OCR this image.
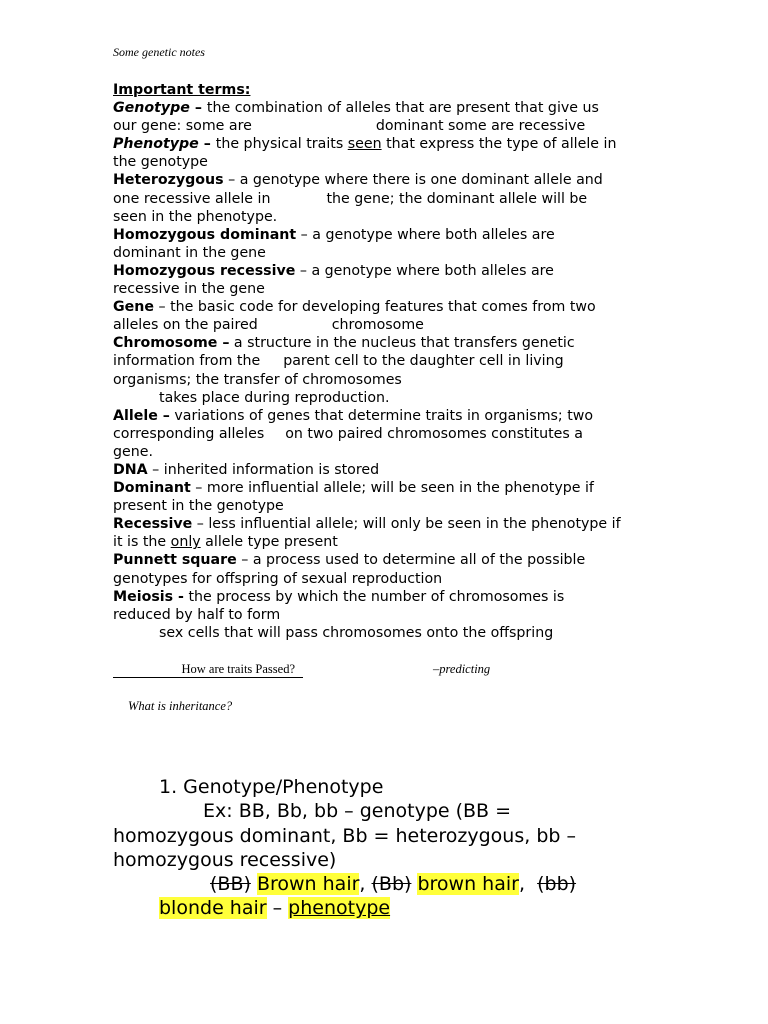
Some genetic notes
Important terms:
Genotype – the combination of alleles that are present that give us
our gene: some are	dominant some are recessive
Phenotype – the physical traits seen that express the type of allele in
the genotype
Heterozygous – a genotype where there is one dominant allele and
one recessive allele in	the gene; the dominant allele will be
seen in the phenotype.
Homozygous dominant – a genotype where both alleles are
dominant in the gene
Homozygous recessive – a genotype where both alleles are
recessive in the gene
Gene – the basic code for developing features that comes from two
alleles on the paired	chromosome
Chromosome – a structure in the nucleus that transfers genetic
information from the parent cell to the daughter cell in living
organisms; the transfer of chromosomes
takes place during reproduction.
Allele – variations of genes that determine traits in organisms; two
corresponding alleles on two paired chromosomes constitutes a
gene.
DNA – inherited information is stored
Dominant – more influential allele; will be seen in the phenotype if
present in the genotype
Recessive – less influential allele; will only be seen in the phenotype if
it is the only allele type present
Punnett square – a process used to determine all of the possible
genotypes for offspring of sexual reproduction
Meiosis - the process by which the number of chromosomes is
reduced by half to form
sex cells that will pass chromosomes onto the offspring
How are traits Passed?	–predicting
What is inheritance?
1. Genotype/Phenotype
Ex: BB, Bb, bb – genotype (BB =
homozygous dominant, Bb = heterozygous, bb –
homozygous recessive)
(BB) Brown hair, (Bb) brown hair, (bb)
blonde hair – phenotype
